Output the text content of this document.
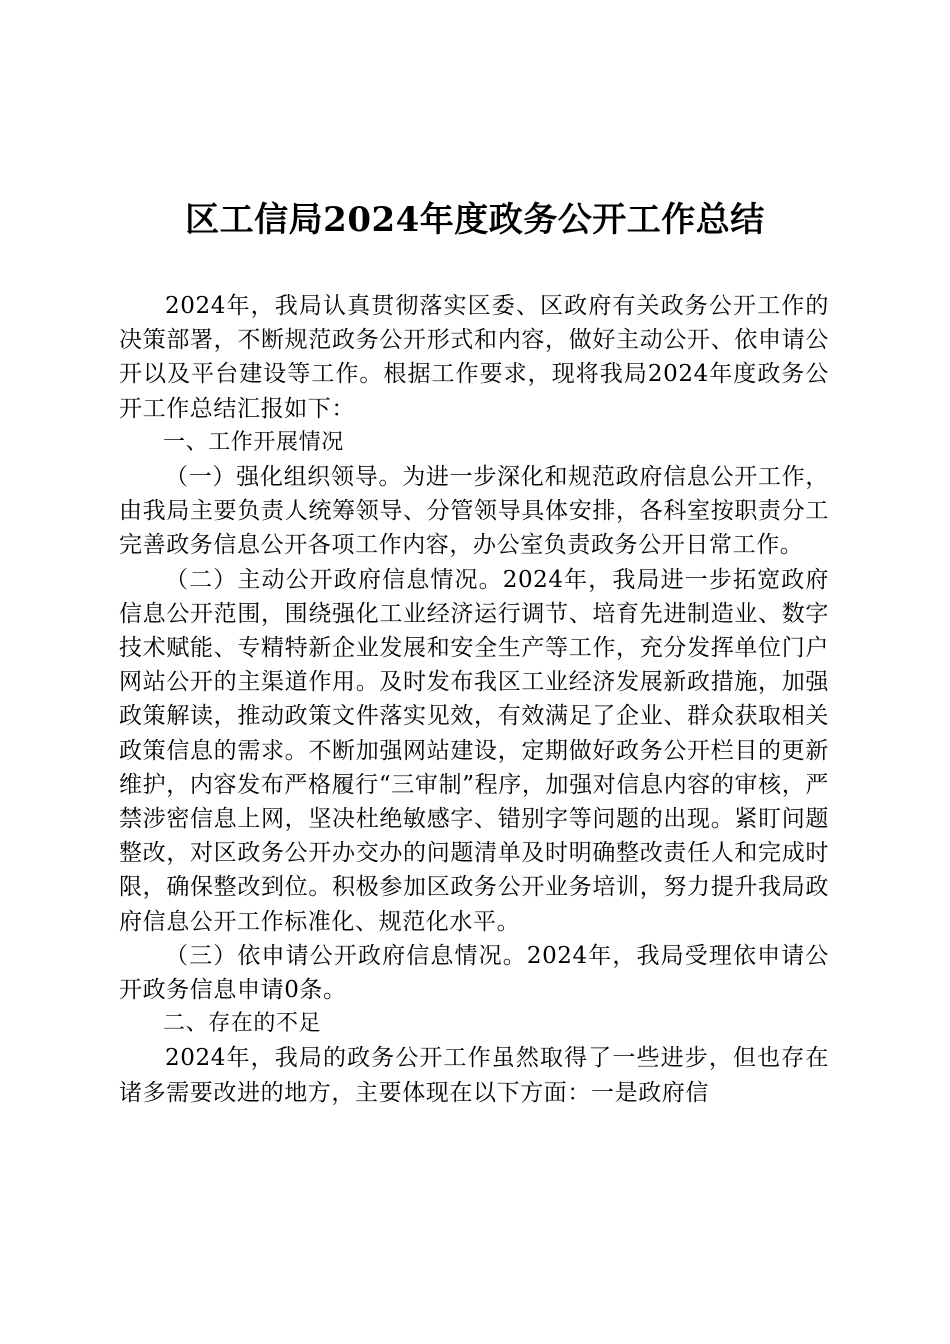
区工信局2024年度政务公开工作总结

2024年，我局认真贯彻落实区委、区政府有关政务公开工作的决策部署，不断规范政务公开形式和内容，做好主动公开、依申请公开以及平台建设等工作。根据工作要求，现将我局2024年度政务公开工作总结汇报如下：

一、工作开展情况

（一）强化组织领导。为进一步深化和规范政府信息公开工作，由我局主要负责人统筹领导、分管领导具体安排，各科室按职责分工完善政务信息公开各项工作内容，办公室负责政务公开日常工作。

（二）主动公开政府信息情况。2024年，我局进一步拓宽政府信息公开范围，围绕强化工业经济运行调节、培育先进制造业、数字技术赋能、专精特新企业发展和安全生产等工作，充分发挥单位门户网站公开的主渠道作用。及时发布我区工业经济发展新政措施，加强政策解读，推动政策文件落实见效，有效满足了企业、群众获取相关政策信息的需求。不断加强网站建设，定期做好政务公开栏目的更新维护，内容发布严格履行“三审制”程序，加强对信息内容的审核，严禁涉密信息上网，坚决杜绝敏感字、错别字等问题的出现。紧盯问题整改，对区政务公开办交办的问题清单及时明确整改责任人和完成时限，确保整改到位。积极参加区政务公开业务培训，努力提升我局政府信息公开工作标准化、规范化水平。

（三）依申请公开政府信息情况。2024年，我局受理依申请公开政务信息申请0条。

二、存在的不足

2024年，我局的政务公开工作虽然取得了一些进步，但也存在诸多需要改进的地方，主要体现在以下方面：一是政府信
